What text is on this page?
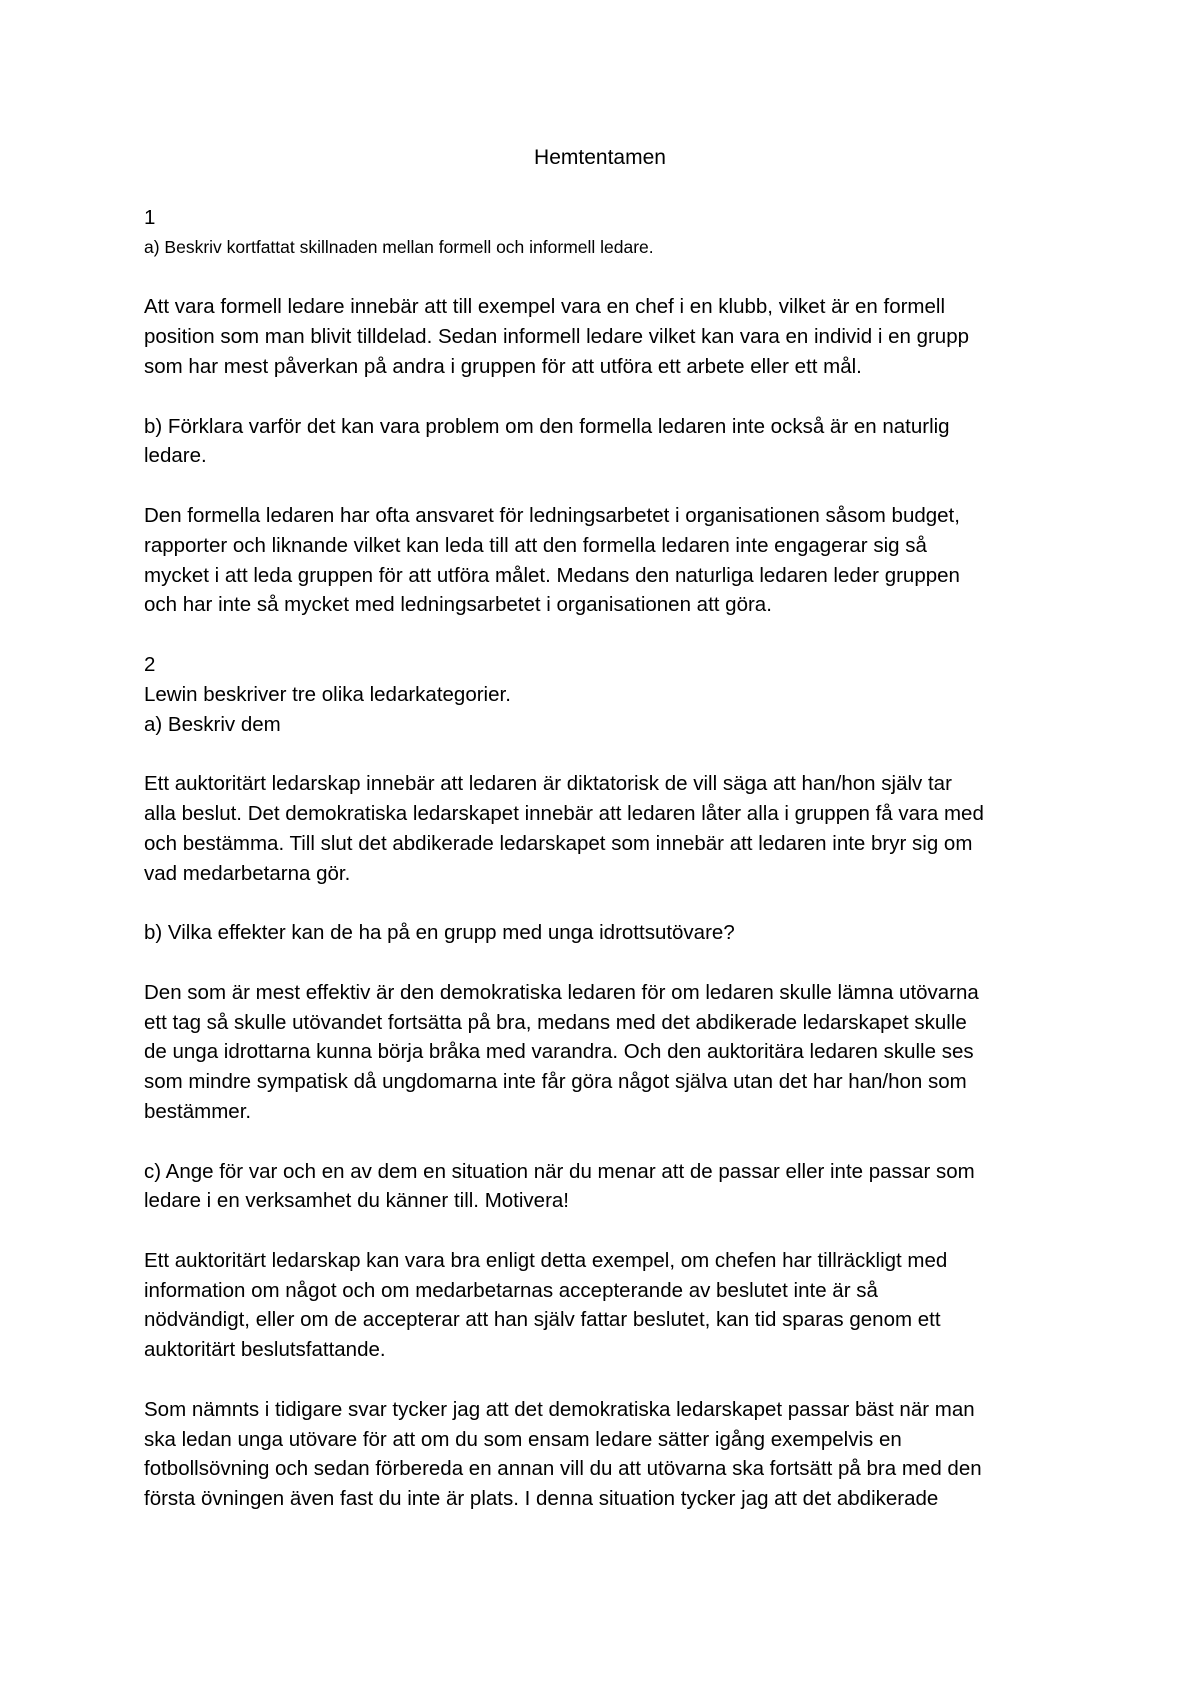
Hemtentamen
1
a) Beskriv kortfattat skillnaden mellan formell och informell ledare.
Att vara formell ledare innebär att till exempel vara en chef i en klubb, vilket är en formell
position som man blivit tilldelad. Sedan informell ledare vilket kan vara en individ i en grupp
som har mest påverkan på andra i gruppen för att utföra ett arbete eller ett mål.
b) Förklara varför det kan vara problem om den formella ledaren inte också är en naturlig
ledare.
Den formella ledaren har ofta ansvaret för ledningsarbetet i organisationen såsom budget,
rapporter och liknande vilket kan leda till att den formella ledaren inte engagerar sig så
mycket i att leda gruppen för att utföra målet. Medans den naturliga ledaren leder gruppen
och har inte så mycket med ledningsarbetet i organisationen att göra.
2
Lewin beskriver tre olika ledarkategorier.
a) Beskriv dem
Ett auktoritärt ledarskap innebär att ledaren är diktatorisk de vill säga att han/hon själv tar
alla beslut. Det demokratiska ledarskapet innebär att ledaren låter alla i gruppen få vara med
och bestämma. Till slut det abdikerade ledarskapet som innebär att ledaren inte bryr sig om
vad medarbetarna gör.
b) Vilka effekter kan de ha på en grupp med unga idrottsutövare?
Den som är mest effektiv är den demokratiska ledaren för om ledaren skulle lämna utövarna
ett tag så skulle utövandet fortsätta på bra, medans med det abdikerade ledarskapet skulle
de unga idrottarna kunna börja bråka med varandra. Och den auktoritära ledaren skulle ses
som mindre sympatisk då ungdomarna inte får göra något själva utan det har han/hon som
bestämmer.
c) Ange för var och en av dem en situation när du menar att de passar eller inte passar som
ledare i en verksamhet du känner till. Motivera!
Ett auktoritärt ledarskap kan vara bra enligt detta exempel, om chefen har tillräckligt med
information om något och om medarbetarnas accepterande av beslutet inte är så
nödvändigt, eller om de accepterar att han själv fattar beslutet, kan tid sparas genom ett
auktoritärt beslutsfattande.
Som nämnts i tidigare svar tycker jag att det demokratiska ledarskapet passar bäst när man
ska ledan unga utövare för att om du som ensam ledare sätter igång exempelvis en
fotbollsövning och sedan förbereda en annan vill du att utövarna ska fortsätt på bra med den
första övningen även fast du inte är plats. I denna situation tycker jag att det abdikerade
